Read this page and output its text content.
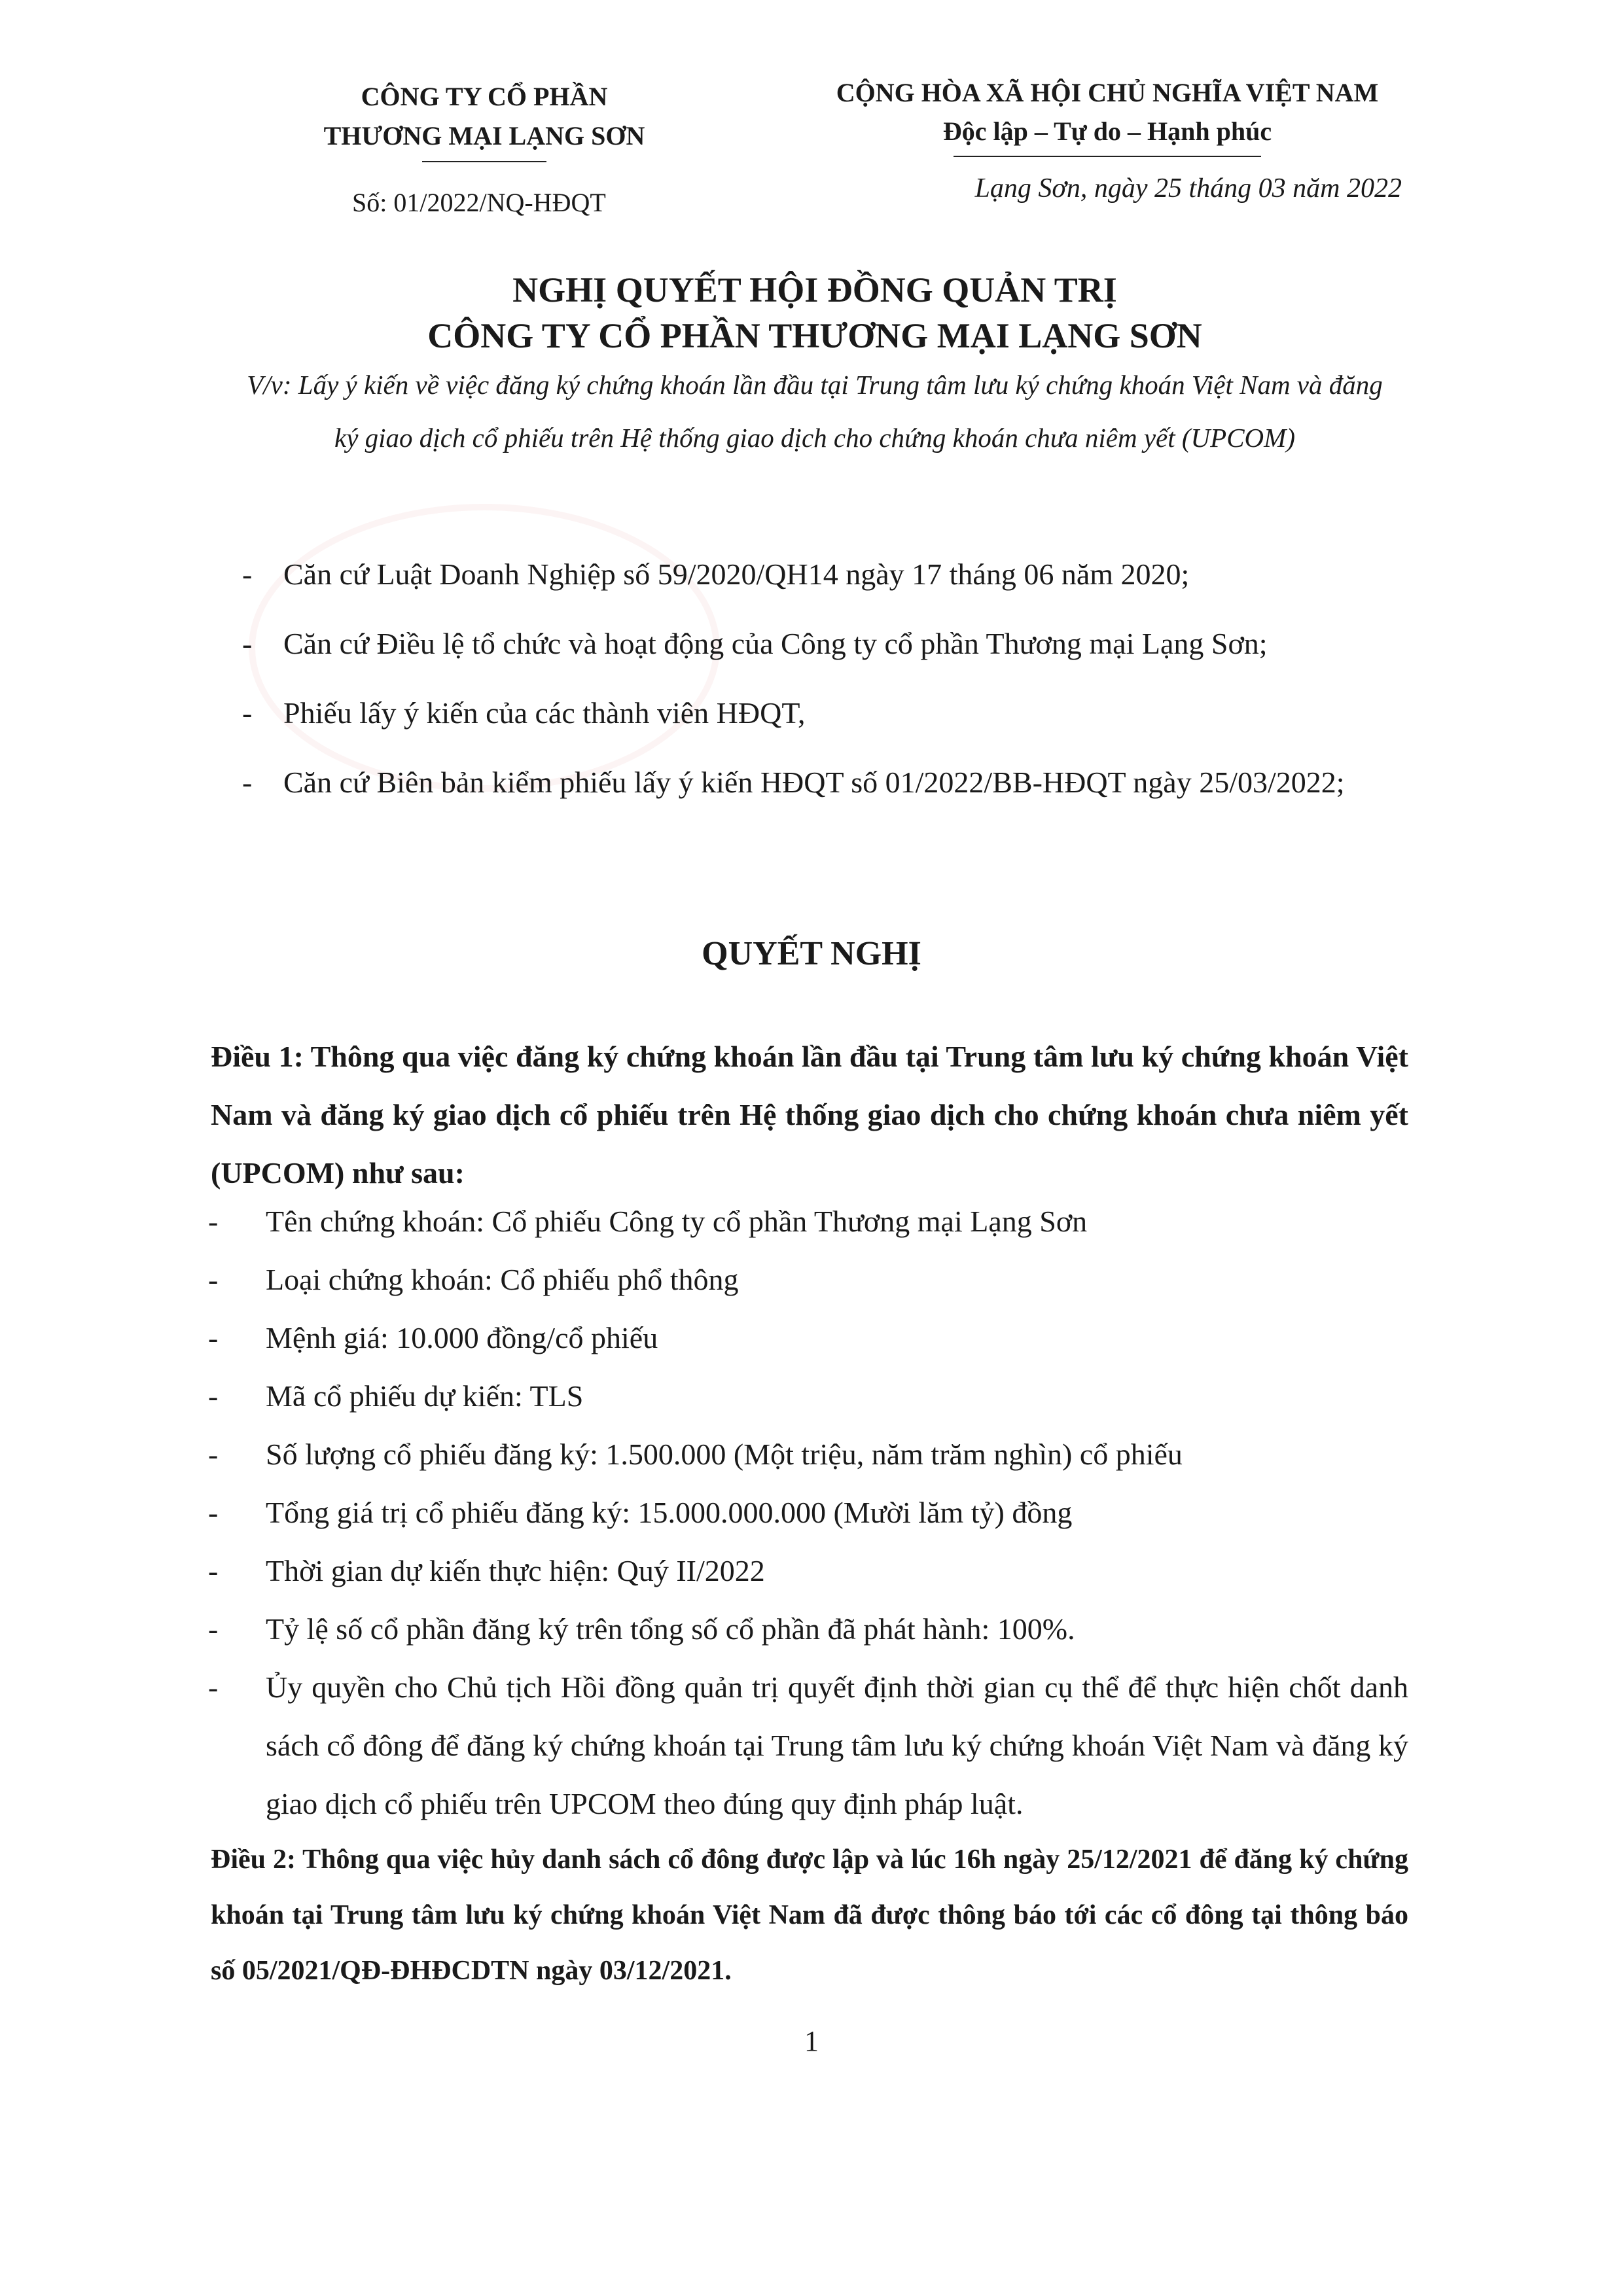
CÔNG TY CỔ PHẦN
THƯƠNG MẠI LẠNG SƠN
Số: 01/2022/NQ-HĐQT
CỘNG HÒA XÃ HỘI CHỦ NGHĨA VIỆT NAM
Độc lập – Tự do – Hạnh phúc
Lạng Sơn, ngày 25 tháng 03 năm 2022
NGHỊ QUYẾT HỘI ĐỒNG QUẢN TRỊ
CÔNG TY CỔ PHẦN THƯƠNG MẠI LẠNG SƠN
V/v: Lấy ý kiến về việc đăng ký chứng khoán lần đầu tại Trung tâm lưu ký chứng khoán Việt Nam và đăng ký giao dịch cổ phiếu trên Hệ thống giao dịch cho chứng khoán chưa niêm yết (UPCOM)
-	Căn cứ Luật Doanh Nghiệp số 59/2020/QH14 ngày 17 tháng 06 năm 2020;
-	Căn cứ Điều lệ tổ chức và hoạt động của Công ty cổ phần Thương mại Lạng Sơn;
-	Phiếu lấy ý kiến của các thành viên HĐQT,
-	Căn cứ Biên bản kiểm phiếu lấy ý kiến HĐQT số 01/2022/BB-HĐQT ngày 25/03/2022;
QUYẾT NGHỊ
Điều 1: Thông qua việc đăng ký chứng khoán lần đầu tại Trung tâm lưu ký chứng khoán Việt Nam và đăng ký giao dịch cổ phiếu trên Hệ thống giao dịch cho chứng khoán chưa niêm yết (UPCOM) như sau:
-	Tên chứng khoán: Cổ phiếu Công ty cổ phần Thương mại Lạng Sơn
-	Loại chứng khoán: Cổ phiếu phổ thông
-	Mệnh giá: 10.000 đồng/cổ phiếu
-	Mã cổ phiếu dự kiến: TLS
-	Số lượng cổ phiếu đăng ký: 1.500.000 (Một triệu, năm trăm nghìn) cổ phiếu
-	Tổng giá trị cổ phiếu đăng ký: 15.000.000.000 (Mười lăm tỷ) đồng
-	Thời gian dự kiến thực hiện: Quý II/2022
-	Tỷ lệ số cổ phần đăng ký trên tổng số cổ phần đã phát hành: 100%.
-	Ủy quyền cho Chủ tịch Hồi đồng quản trị quyết định thời gian cụ thể để thực hiện chốt danh sách cổ đông để đăng ký chứng khoán tại Trung tâm lưu ký chứng khoán Việt Nam và đăng ký giao dịch cổ phiếu trên UPCOM theo đúng quy định pháp luật.
Điều 2: Thông qua việc hủy danh sách cổ đông được lập và lúc 16h ngày 25/12/2021 để đăng ký chứng khoán tại Trung tâm lưu ký chứng khoán Việt Nam đã được thông báo tới các cổ đông tại thông báo số 05/2021/QĐ-ĐHĐCDTN ngày 03/12/2021.
1
